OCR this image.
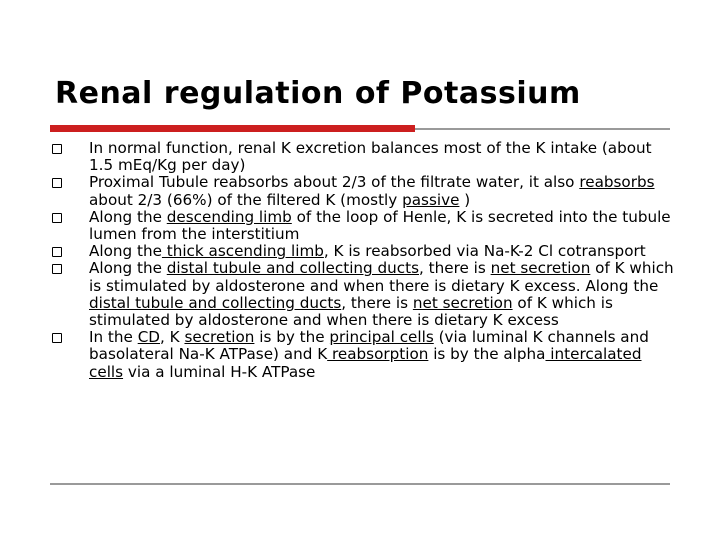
Renal regulation of Potassium
In normal function, renal K excretion balances most of the K intake (about 1.5 mEq/Kg per day)
Proximal Tubule reabsorbs about 2/3 of the filtrate water, it also reabsorbs about 2/3 (66%) of the filtered K (mostly passive )
Along the descending limb of the loop of Henle, K is secreted into the tubule lumen from the interstitium
Along the thick ascending limb, K is reabsorbed via Na-K-2 Cl cotransport
Along the distal tubule and collecting ducts, there is net secretion of K which is stimulated by aldosterone and when there is dietary K excess. Along the distal tubule and collecting ducts, there is net secretion of K which is stimulated by aldosterone and when there is dietary K excess
In the CD, K secretion is by the principal cells (via luminal K channels and basolateral Na-K ATPase) and K reabsorption is by the alpha intercalated cells via a luminal H-K ATPase
